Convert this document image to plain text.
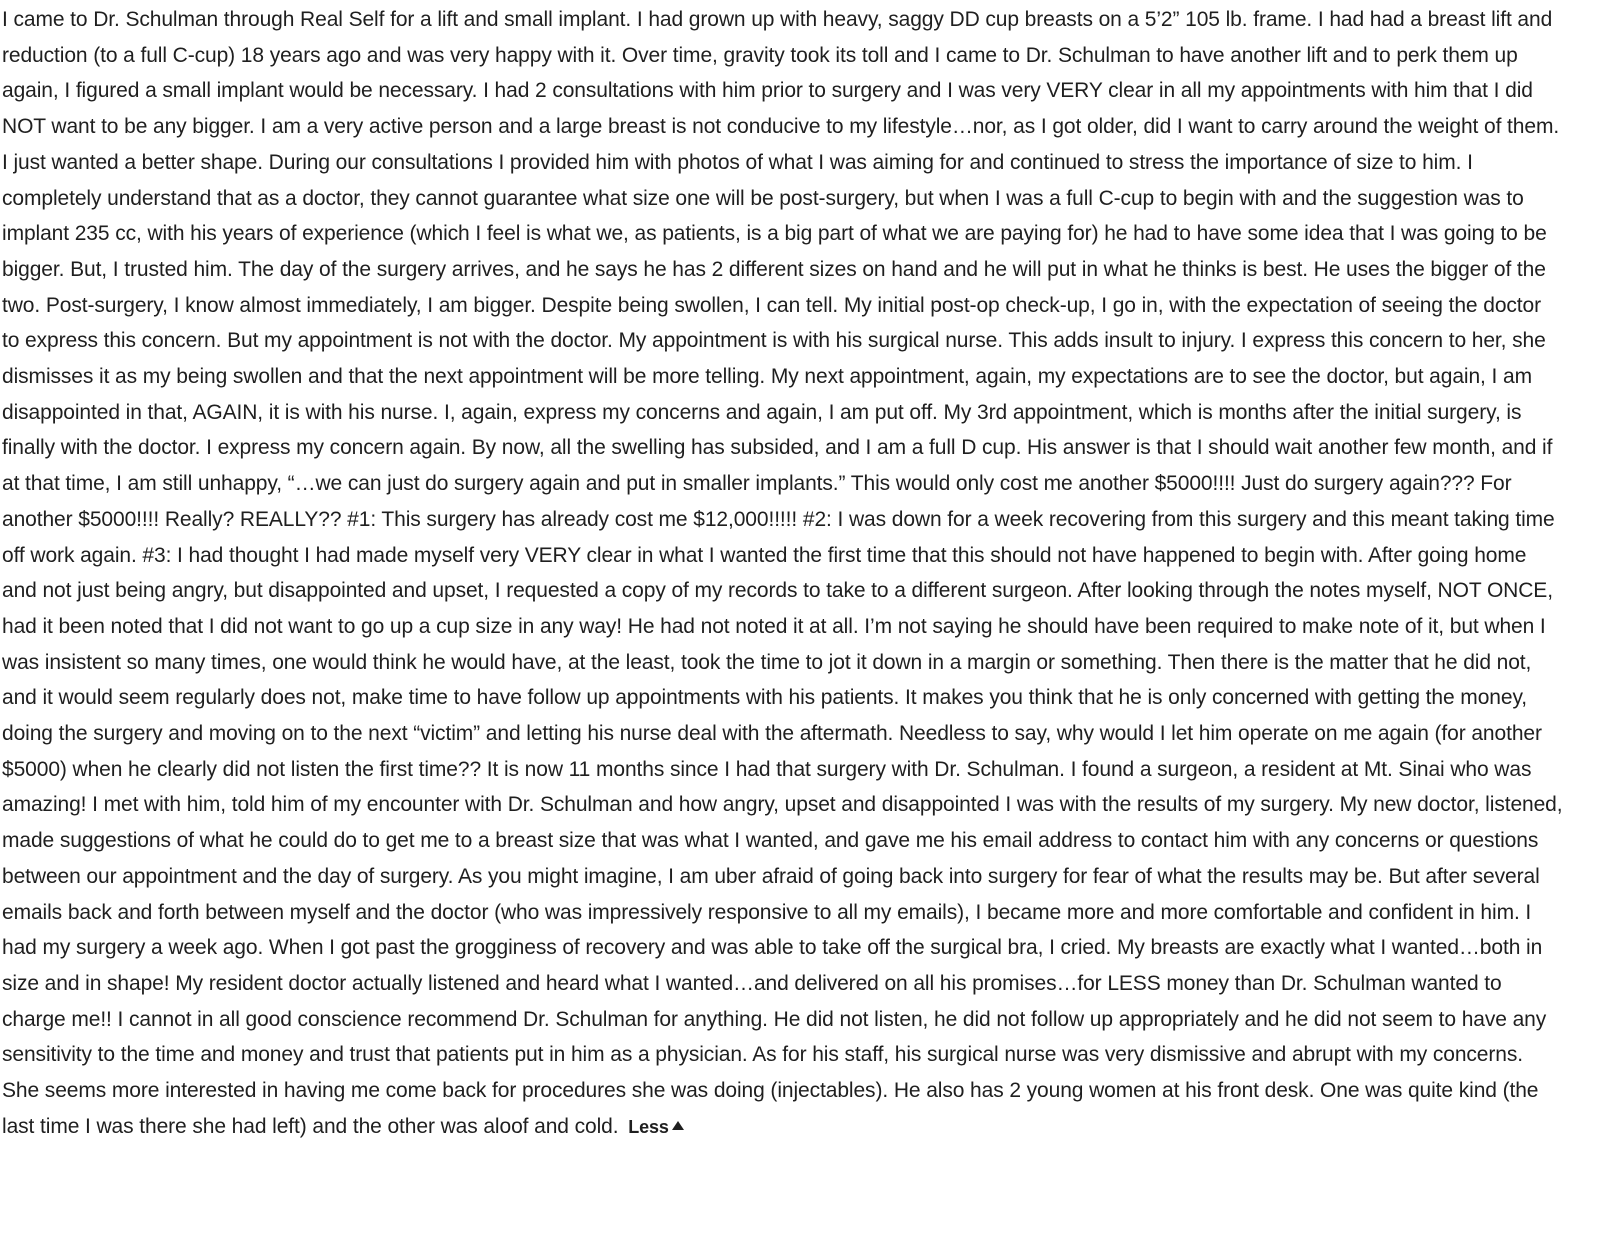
I came to Dr. Schulman through Real Self for a lift and small implant. I had grown up with heavy, saggy DD cup breasts on a 5’2” 105 lb. frame. I had had a breast lift and reduction (to a full C-cup) 18 years ago and was very happy with it. Over time, gravity took its toll and I came to Dr. Schulman to have another lift and to perk them up again, I figured a small implant would be necessary. I had 2 consultations with him prior to surgery and I was very VERY clear in all my appointments with him that I did NOT want to be any bigger. I am a very active person and a large breast is not conducive to my lifestyle…nor, as I got older, did I want to carry around the weight of them. I just wanted a better shape. During our consultations I provided him with photos of what I was aiming for and continued to stress the importance of size to him. I completely understand that as a doctor, they cannot guarantee what size one will be post-surgery, but when I was a full C-cup to begin with and the suggestion was to implant 235 cc, with his years of experience (which I feel is what we, as patients, is a big part of what we are paying for) he had to have some idea that I was going to be bigger. But, I trusted him. The day of the surgery arrives, and he says he has 2 different sizes on hand and he will put in what he thinks is best. He uses the bigger of the two. Post-surgery, I know almost immediately, I am bigger. Despite being swollen, I can tell. My initial post-op check-up, I go in, with the expectation of seeing the doctor to express this concern. But my appointment is not with the doctor. My appointment is with his surgical nurse. This adds insult to injury. I express this concern to her, she dismisses it as my being swollen and that the next appointment will be more telling. My next appointment, again, my expectations are to see the doctor, but again, I am disappointed in that, AGAIN, it is with his nurse. I, again, express my concerns and again, I am put off. My 3rd appointment, which is months after the initial surgery, is finally with the doctor. I express my concern again. By now, all the swelling has subsided, and I am a full D cup. His answer is that I should wait another few month, and if at that time, I am still unhappy, “…we can just do surgery again and put in smaller implants.” This would only cost me another $5000!!!! Just do surgery again??? For another $5000!!!! Really? REALLY?? #1: This surgery has already cost me $12,000!!!!! #2: I was down for a week recovering from this surgery and this meant taking time off work again. #3: I had thought I had made myself very VERY clear in what I wanted the first time that this should not have happened to begin with. After going home and not just being angry, but disappointed and upset, I requested a copy of my records to take to a different surgeon. After looking through the notes myself, NOT ONCE, had it been noted that I did not want to go up a cup size in any way! He had not noted it at all. I’m not saying he should have been required to make note of it, but when I was insistent so many times, one would think he would have, at the least, took the time to jot it down in a margin or something. Then there is the matter that he did not, and it would seem regularly does not, make time to have follow up appointments with his patients. It makes you think that he is only concerned with getting the money, doing the surgery and moving on to the next “victim” and letting his nurse deal with the aftermath. Needless to say, why would I let him operate on me again (for another $5000) when he clearly did not listen the first time?? It is now 11 months since I had that surgery with Dr. Schulman. I found a surgeon, a resident at Mt. Sinai who was amazing! I met with him, told him of my encounter with Dr. Schulman and how angry, upset and disappointed I was with the results of my surgery. My new doctor, listened, made suggestions of what he could do to get me to a breast size that was what I wanted, and gave me his email address to contact him with any concerns or questions between our appointment and the day of surgery. As you might imagine, I am uber afraid of going back into surgery for fear of what the results may be. But after several emails back and forth between myself and the doctor (who was impressively responsive to all my emails), I became more and more comfortable and confident in him. I had my surgery a week ago. When I got past the grogginess of recovery and was able to take off the surgical bra, I cried. My breasts are exactly what I wanted…both in size and in shape! My resident doctor actually listened and heard what I wanted…and delivered on all his promises…for LESS money than Dr. Schulman wanted to charge me!! I cannot in all good conscience recommend Dr. Schulman for anything. He did not listen, he did not follow up appropriately and he did not seem to have any sensitivity to the time and money and trust that patients put in him as a physician. As for his staff, his surgical nurse was very dismissive and abrupt with my concerns. She seems more interested in having me come back for procedures she was doing (injectables). He also has 2 young women at his front desk. One was quite kind (the last time I was there she had left) and the other was aloof and cold. Less
